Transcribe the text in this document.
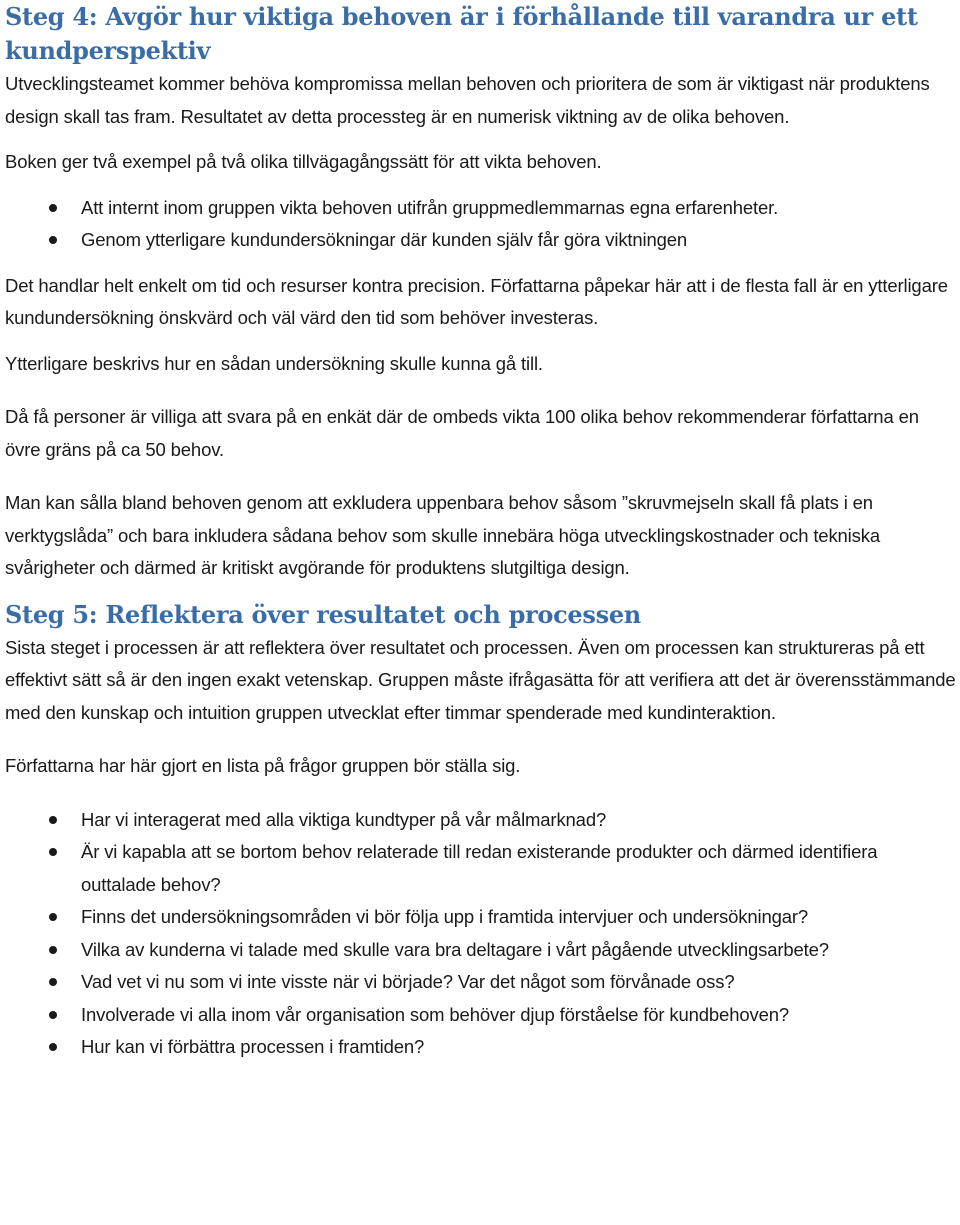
Steg 4: Avgör hur viktiga behoven är i förhållande till varandra ur ett kundperspektiv

Utvecklingsteamet kommer behöva kompromissa mellan behoven och prioritera de som är viktigast när produktens design skall tas fram. Resultatet av detta processteg är en numerisk viktning av de olika behoven.

Boken ger två exempel på två olika tillvägagångssätt för att vikta behoven.

Att internt inom gruppen vikta behoven utifrån gruppmedlemmarnas egna erfarenheter.
Genom ytterligare kundundersökningar där kunden själv får göra viktningen

Det handlar helt enkelt om tid och resurser kontra precision. Författarna påpekar här att i de flesta fall är en ytterligare kundundersökning önskvärd och väl värd den tid som behöver investeras.

Ytterligare beskrivs hur en sådan undersökning skulle kunna gå till.

Då få personer är villiga att svara på en enkät där de ombeds vikta 100 olika behov rekommenderar författarna en övre gräns på ca 50 behov.

Man kan sålla bland behoven genom att exkludera uppenbara behov såsom ”skruvmejseln skall få plats i en verktygslåda” och bara inkludera sådana behov som skulle innebära höga utvecklingskostnader och tekniska svårigheter och därmed är kritiskt avgörande för produktens slutgiltiga design.

Steg 5: Reflektera över resultatet och processen

Sista steget i processen är att reflektera över resultatet och processen. Även om processen kan struktureras på ett effektivt sätt så är den ingen exakt vetenskap. Gruppen måste ifrågasätta för att verifiera att det är överensstämmande med den kunskap och intuition gruppen utvecklat efter timmar spenderade med kundinteraktion.

Författarna har här gjort en lista på frågor gruppen bör ställa sig.

Har vi interagerat med alla viktiga kundtyper på vår målmarknad?
Är vi kapabla att se bortom behov relaterade till redan existerande produkter och därmed identifiera outtalade behov?
Finns det undersökningsområden vi bör följa upp i framtida intervjuer och undersökningar?
Vilka av kunderna vi talade med skulle vara bra deltagare i vårt pågående utvecklingsarbete?
Vad vet vi nu som vi inte visste när vi började? Var det något som förvånade oss?
Involverade vi alla inom vår organisation som behöver djup förståelse för kundbehoven?
Hur kan vi förbättra processen i framtiden?
